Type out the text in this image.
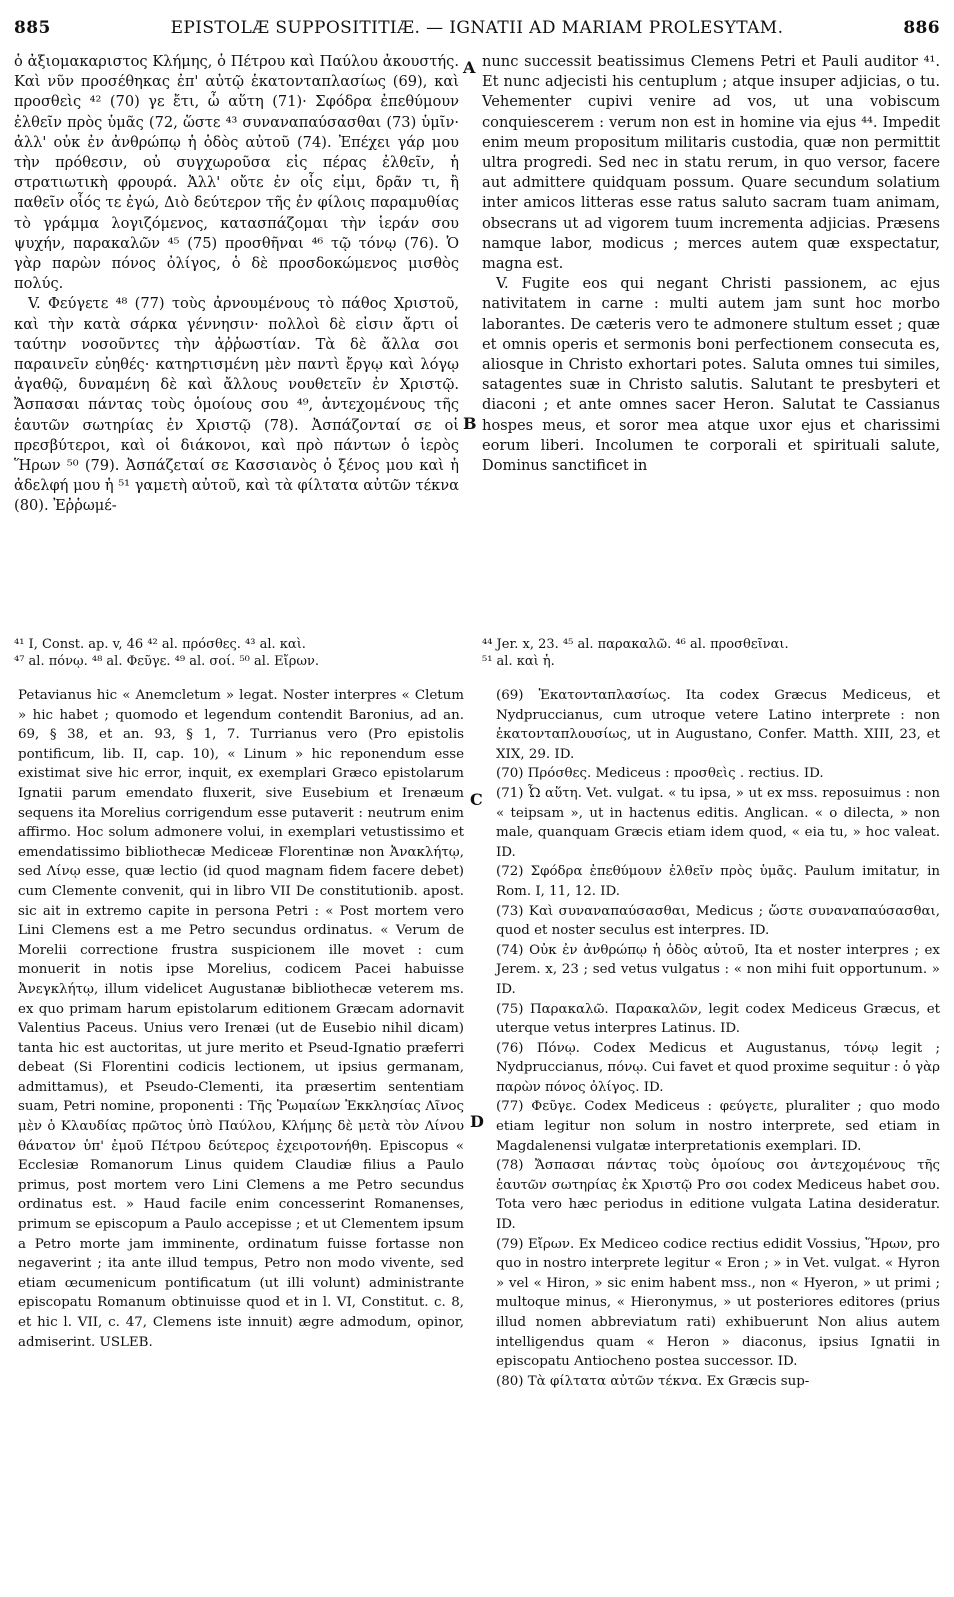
885	EPISTOLÆ SUPPOSITITIÆ. — IGNATII AD MARIAM PROLESYTAM.	886

ὁ ἀξιομακαριστος Κλήμης, ὁ Πέτρου καὶ Παύλου ἀκουστής. Καὶ νῦν προσέθηκας ἐπ' αὐτῷ ἑκατονταπλασίως (69), καὶ προσθεὶς ⁴² (70) γε ἔτι, ὦ αὕτη (71)· Σφόδρα ἐπεθύμουν ἐλθεῖν πρὸς ὑμᾶς (72, ὥστε ⁴³ συναναπαύσασθαι (73) ὑμῖν· ἀλλ' οὐκ ἐν ἀνθρώπῳ ἡ ὁδὸς αὐτοῦ (74). Ἐπέχει γάρ μου τὴν πρόθεσιν, οὐ συγχωροῦσα εἰς πέρας ἐλθεῖν, ἡ στρατιωτικὴ φρουρά. Ἀλλ' οὔτε ἐν οἷς εἰμι, δρᾶν τι, ἢ παθεῖν οἷός τε ἐγώ, Διὸ δεύτερον τῆς ἐν φίλοις παραμυθίας τὸ γράμμα λογιζόμενος, κατασπάζομαι τὴν ἱεράν σου ψυχήν, παρακαλῶν ⁴⁵ (75) προσθῆναι ⁴⁶ τῷ τόνῳ (76). Ὁ γὰρ παρὼν πόνος ὀλίγος, ὁ δὲ προσδοκώμενος μισθὸς πολύς.

V. Φεύγετε ⁴⁸ (77) τοὺς ἀρνουμένους τὸ πάθος Χριστοῦ, καὶ τὴν κατὰ σάρκα γέννησιν· πολλοὶ δὲ εἰσιν ἄρτι οἱ ταύτην νοσοῦντες τὴν ἀῤῥωστίαν. Τὰ δὲ ἄλλα σοι παραινεῖν εὐηθές· κατηρτισμένη μὲν παντὶ ἔργῳ καὶ λόγῳ ἀγαθῷ, δυναμένη δὲ καὶ ἄλλους νουθετεῖν ἐν Χριστῷ. Ἄσπασαι πάντας τοὺς ὁμοίους σου ⁴⁹, ἀντεχομένους τῆς ἑαυτῶν σωτηρίας ἐν Χριστῷ (78). Ἀσπάζονταί σε οἱ πρεσβύτεροι, καὶ οἱ διάκονοι, καὶ πρὸ πάντων ὁ ἱερὸς Ἥρων ⁵⁰ (79). Ἀσπάζεταί σε Κασσιανὸς ὁ ξένος μου καὶ ἡ ἀδελφή μου ἡ ⁵¹ γαμετὴ αὐτοῦ, καὶ τὰ φίλτατα αὐτῶν τέκνα (80). Ἐῤῥωμέ-

A
B

nunc successit beatissimus Clemens Petri et Pauli auditor ⁴¹. Et nunc adjecisti his centuplum ; atque insuper adjicias, o tu. Vehementer cupivi venire ad vos, ut una vobiscum conquiescerem : verum non est in homine via ejus ⁴⁴. Impedit enim meum propositum militaris custodia, quæ non permittit ultra progredi. Sed nec in statu rerum, in quo versor, facere aut admittere quidquam possum. Quare secundum solatium inter amicos litteras esse ratus saluto sacram tuam animam, obsecrans ut ad vigorem tuum incrementa adjicias. Præsens namque labor, modicus ; merces autem quæ exspectatur, magna est.

V. Fugite eos qui negant Christi passionem, ac ejus nativitatem in carne : multi autem jam sunt hoc morbo laborantes. De cæteris vero te admonere stultum esset ; quæ et omnis operis et sermonis boni perfectionem consecuta es, aliosque in Christo exhortari potes. Saluta omnes tui similes, satagentes suæ in Christo salutis. Salutant te presbyteri et diaconi ; et ante omnes sacer Heron. Salutat te Cassianus hospes meus, et soror mea atque uxor ejus et charissimi eorum liberi. Incolumen te corporali et spirituali salute, Dominus sanctificet in

⁴¹ I, Const. ap. v, 46 ⁴² al. πρόσθες. ⁴³ al. καὶ.
⁴⁷ al. πόνῳ. ⁴⁸ al. Φεῦγε. ⁴⁹ al. σοί. ⁵⁰ al. Εἴρων.
⁴⁴ Jer. x, 23. ⁴⁵ al. παρακαλῶ. ⁴⁶ al. προσθεῖναι.
⁵¹ al. καὶ ἡ.
C
D

Petavianus hic « Anemcletum » legat. Noster interpres « Cletum » hic habet ; quomodo et legendum contendit Baronius, ad an. 69, § 38, et an. 93, § 1, 7. Turrianus vero (Pro epistolis pontificum, lib. II, cap. 10), « Linum » hic reponendum esse existimat sive hic error, inquit, ex exemplari Græco epistolarum Ignatii parum emendato fluxerit, sive Eusebium et Irenæum sequens ita Morelius corrigendum esse putaverit : neutrum enim affirmo. Hoc solum admonere volui, in exemplari vetustissimo et emendatissimo bibliothecæ Mediceæ Florentinæ non Ἀνακλήτῳ, sed Λίνῳ esse, quæ lectio (id quod magnam fidem facere debet) cum Clemente convenit, qui in libro VII De constitutionib. apost. sic ait in extremo capite in persona Petri : « Post mortem vero Lini Clemens est a me Petro secundus ordinatus. « Verum de Morelii correctione frustra suspicionem ille movet : cum monuerit in notis ipse Morelius, codicem Pacei habuisse Ἀνεγκλήτῳ, illum videlicet Augustanæ bibliothecæ veterem ms. ex quo primam harum epistolarum editionem Græcam adornavit Valentius Paceus. Unius vero Irenæi (ut de Eusebio nihil dicam) tanta hic est auctoritas, ut jure merito et Pseud-Ignatio præferri debeat (Si Florentini codicis lectionem, ut ipsius germanam, admittamus), et Pseudo-Clementi, ita præsertim sententiam suam, Petri nomine, proponenti : Τῆς Ῥωμαίων Ἐκκλησίας Λῖνος μὲν ὁ Κλαυδίας πρῶτος ὑπὸ Παύλου, Κλήμης δὲ μετὰ τὸν Λίνου θάνατον ὑπ' ἐμοῦ Πέτρου δεύτερος ἐχειροτονήθη. Episcopus « Ecclesiæ Romanorum Linus quidem Claudiæ filius a Paulo primus, post mortem vero Lini Clemens a me Petro secundus ordinatus est. » Haud facile enim concesserint Romanenses, primum se episcopum a Paulo accepisse ; et ut Clementem ipsum a Petro morte jam imminente, ordinatum fuisse fortasse non negaverint ; ita ante illud tempus, Petro non modo vivente, sed etiam œcumenicum pontificatum (ut illi volunt) administrante episcopatu Romanum obtinuisse quod et in l. VI, Constitut. c. 8, et hic l. VII, c. 47, Clemens iste innuit) ægre admodum, opinor, admiserint. USLEB.

(69) Ἑκατονταπλασίως. Ita codex Græcus Mediceus, et Nydpruccianus, cum utroque vetere Latino interprete : non ἑκατονταπλουσίως, ut in Augustano, Confer. Matth. XIII, 23, et XIX, 29. ID.

(70) Πρόσθες. Mediceus : προσθεὶς . rectius. ID.

(71) Ὦ αὕτη. Vet. vulgat. « tu ipsa, » ut ex mss. reposuimus : non « teipsam », ut in hactenus editis. Anglican. « o dilecta, » non male, quanquam Græcis etiam idem quod, « eia tu, » hoc valeat. ID.

(72) Σφόδρα ἐπεθύμουν ἐλθεῖν πρὸς ὑμᾶς. Paulum imitatur, in Rom. I, 11, 12. ID.

(73) Καὶ συναναπαύσασθαι, Medicus ; ὥστε συναναπαύσασθαι, quod et noster seculus est interpres. ID.

(74) Οὐκ ἐν ἀνθρώπῳ ἡ ὁδὸς αὐτοῦ, Ita et noster interpres ; ex Jerem. x, 23 ; sed vetus vulgatus : « non mihi fuit opportunum. » ID.

(75) Παρακαλῶ. Παρακαλῶν, legit codex Mediceus Græcus, et uterque vetus interpres Latinus. ID.

(76) Πόνῳ. Codex Medicus et Augustanus, τόνῳ legit ; Nydpruccianus, πόνῳ. Cui favet et quod proxime sequitur : ὁ γὰρ παρὼν πόνος ὀλίγος. ID.

(77) Φεῦγε. Codex Mediceus : φεύγετε, pluraliter ; quo modo etiam legitur non solum in nostro interprete, sed etiam in Magdalenensi vulgatæ interpretationis exemplari. ID.

(78) Ἄσπασαι πάντας τοὺς ὁμοίους σοι ἀντεχομένους τῆς ἑαυτῶν σωτηρίας ἐκ Χριστῷ Pro σοι codex Mediceus habet σου. Tota vero hæc periodus in editione vulgata Latina desideratur. ID.

(79) Εἴρων. Ex Mediceo codice rectius edidit Vossius, Ἥρων, pro quo in nostro interprete legitur « Eron ; » in Vet. vulgat. « Hyron » vel « Hiron, » sic enim habent mss., non « Hyeron, » ut primi ; multoque minus, « Hieronymus, » ut posteriores editores (prius illud nomen abbreviatum rati) exhibuerunt Non alius autem intelligendus quam « Heron » diaconus, ipsius Ignatii in episcopatu Antiocheno postea successor. ID.

(80) Τὰ φίλτατα αὐτῶν τέκνα. Ex Græcis sup-
